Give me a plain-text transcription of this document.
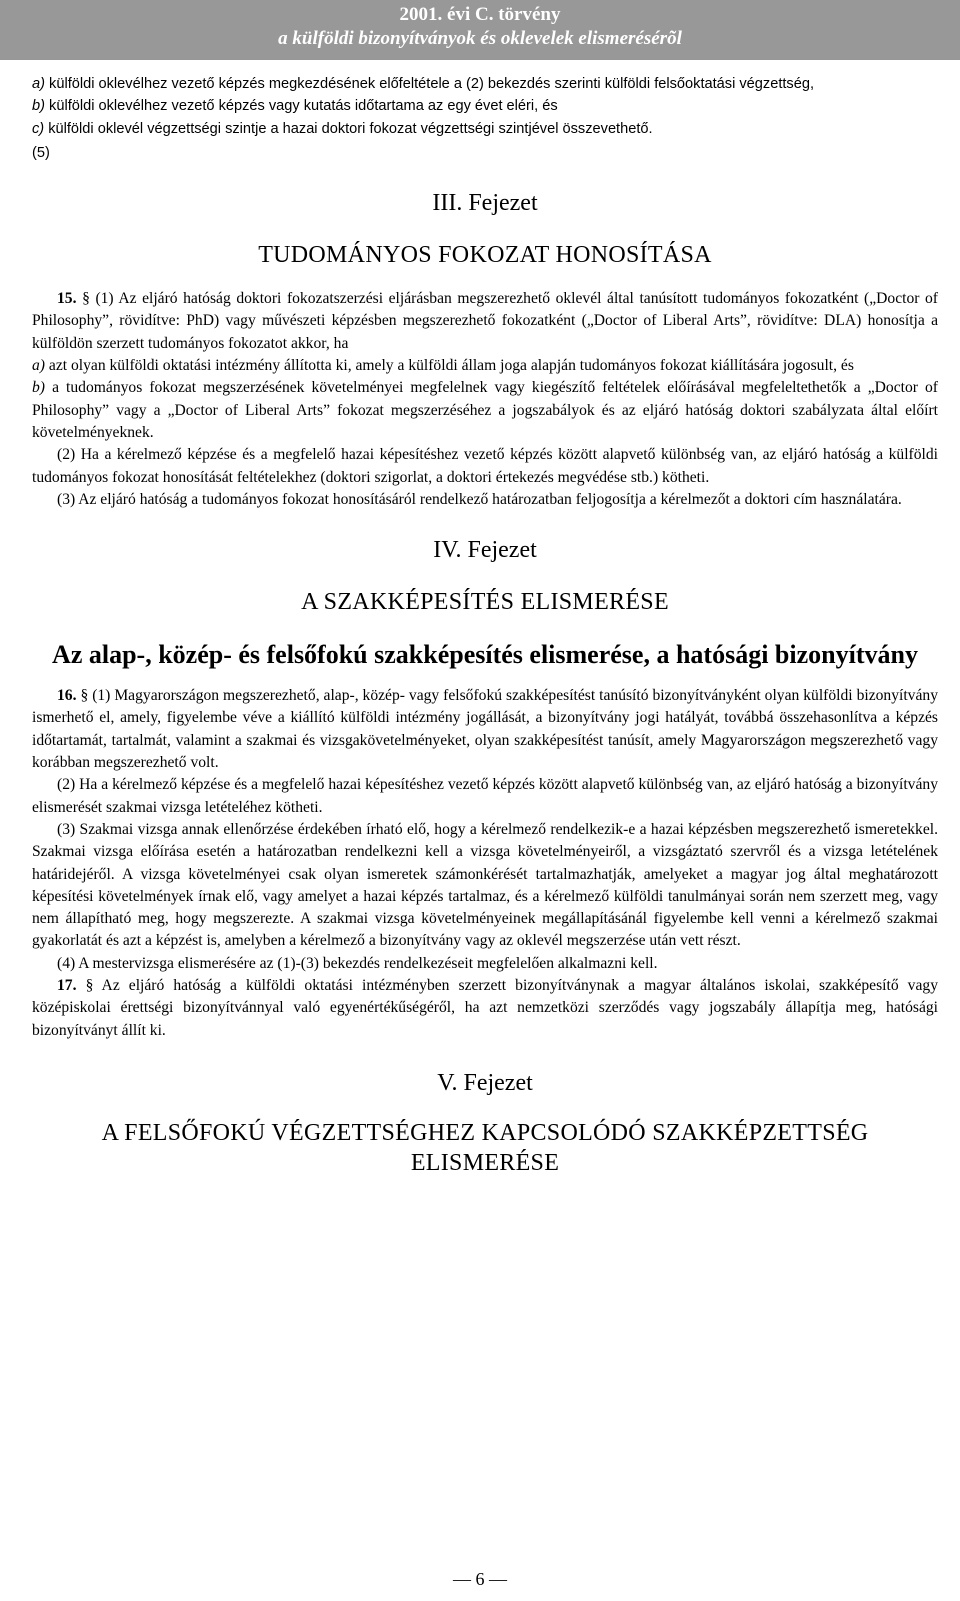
2001. évi C. törvény
a külföldi bizonyítványok és oklevelek elismerésérõl

a) külföldi oklevélhez vezető képzés megkezdésének előfeltétele a (2) bekezdés szerinti külföldi felsőoktatási végzettség,

b) külföldi oklevélhez vezető képzés vagy kutatás időtartama az egy évet eléri, és

c) külföldi oklevél végzettségi szintje a hazai doktori fokozat végzettségi szintjével összevethető.

(5)

III. Fejezet

TUDOMÁNYOS FOKOZAT HONOSÍTÁSA

15. § (1) Az eljáró hatóság doktori fokozatszerzési eljárásban megszerezhető oklevél által tanúsított tudományos fokozatként („Doctor of Philosophy”, rövidítve: PhD) vagy művészeti képzésben megszerezhető fokozatként („Doctor of Liberal Arts”, rövidítve: DLA) honosítja a külföldön szerzett tudományos fokozatot akkor, ha

a) azt olyan külföldi oktatási intézmény állította ki, amely a külföldi állam joga alapján tudományos fokozat kiállítására jogosult, és

b) a tudományos fokozat megszerzésének követelményei megfelelnek vagy kiegészítő feltételek előírásával megfeleltethetők a „Doctor of Philosophy” vagy a „Doctor of Liberal Arts” fokozat megszerzéséhez a jogszabályok és az eljáró hatóság doktori szabályzata által előírt követelményeknek.

(2) Ha a kérelmező képzése és a megfelelő hazai képesítéshez vezető képzés között alapvető különbség van, az eljáró hatóság a külföldi tudományos fokozat honosítását feltételekhez (doktori szigorlat, a doktori értekezés megvédése stb.) kötheti.

(3) Az eljáró hatóság a tudományos fokozat honosításáról rendelkező határozatban feljogosítja a kérelmezőt a doktori cím használatára.

IV. Fejezet

A SZAKKÉPESÍTÉS ELISMERÉSE

Az alap-, közép- és felsőfokú szakképesítés elismerése, a hatósági bizonyítvány

16. § (1) Magyarországon megszerezhető, alap-, közép- vagy felsőfokú szakképesítést tanúsító bizonyítványként olyan külföldi bizonyítvány ismerhető el, amely, figyelembe véve a kiállító külföldi intézmény jogállását, a bizonyítvány jogi hatályát, továbbá összehasonlítva a képzés időtartamát, tartalmát, valamint a szakmai és vizsgakövetelményeket, olyan szakképesítést tanúsít, amely Magyarországon megszerezhető vagy korábban megszerezhető volt.

(2) Ha a kérelmező képzése és a megfelelő hazai képesítéshez vezető képzés között alapvető különbség van, az eljáró hatóság a bizonyítvány elismerését szakmai vizsga letételéhez kötheti.

(3) Szakmai vizsga annak ellenőrzése érdekében írható elő, hogy a kérelmező rendelkezik-e a hazai képzésben megszerezhető ismeretekkel. Szakmai vizsga előírása esetén a határozatban rendelkezni kell a vizsga követelményeiről, a vizsgáztató szervről és a vizsga letételének határidejéről. A vizsga követelményei csak olyan ismeretek számonkérését tartalmazhatják, amelyeket a magyar jog által meghatározott képesítési követelmények írnak elő, vagy amelyet a hazai képzés tartalmaz, és a kérelmező külföldi tanulmányai során nem szerzett meg, vagy nem állapítható meg, hogy megszerezte. A szakmai vizsga követelményeinek megállapításánál figyelembe kell venni a kérelmező szakmai gyakorlatát és azt a képzést is, amelyben a kérelmező a bizonyítvány vagy az oklevél megszerzése után vett részt.

(4) A mestervizsga elismerésére az (1)-(3) bekezdés rendelkezéseit megfelelően alkalmazni kell.

17. § Az eljáró hatóság a külföldi oktatási intézményben szerzett bizonyítványnak a magyar általános iskolai, szakképesítő vagy középiskolai érettségi bizonyítvánnyal való egyenértékűségéről, ha azt nemzetközi szerződés vagy jogszabály állapítja meg, hatósági bizonyítványt állít ki.

V. Fejezet

A FELSŐFOKÚ VÉGZETTSÉGHEZ KAPCSOLÓDÓ SZAKKÉPZETTSÉG ELISMERÉSE

— 6 —
